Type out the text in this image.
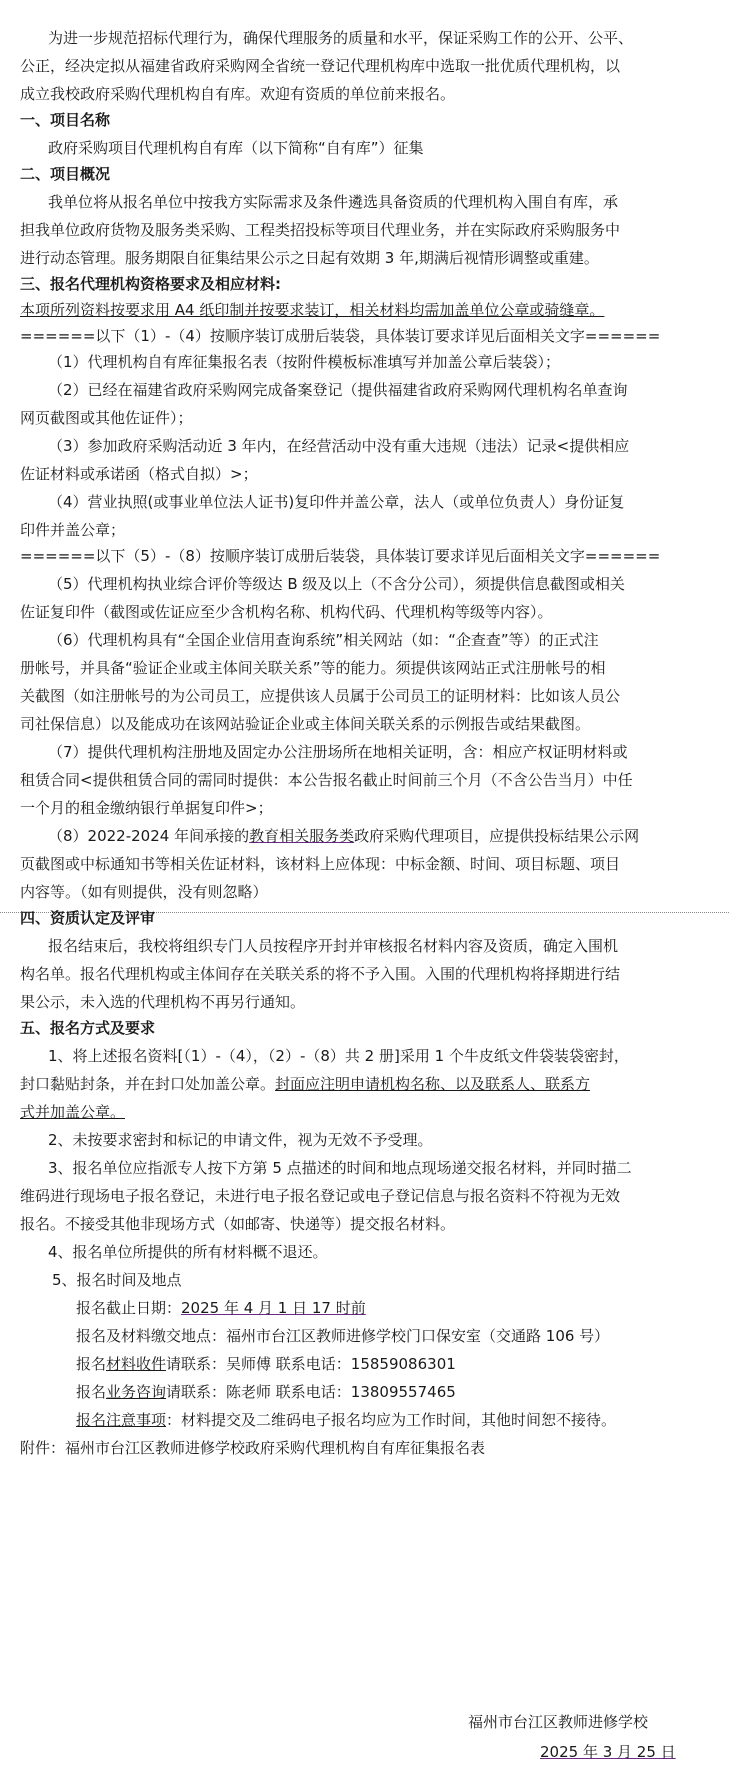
为进一步规范招标代理行为，确保代理服务的质量和水平，保证采购工作的公开、公平、
公正，经决定拟从福建省政府采购网全省统一登记代理机构库中选取一批优质代理机构，以
成立我校政府采购代理机构自有库。欢迎有资质的单位前来报名。
一、项目名称
政府采购项目代理机构自有库（以下简称“自有库”）征集
二、项目概况
我单位将从报名单位中按我方实际需求及条件遴选具备资质的代理机构入围自有库，承
担我单位政府货物及服务类采购、工程类招投标等项目代理业务，并在实际政府采购服务中
进行动态管理。服务期限自征集结果公示之日起有效期 3 年,期满后视情形调整或重建。
三、报名代理机构资格要求及相应材料:
本项所列资料按要求用 A4 纸印制并按要求装订，相关材料均需加盖单位公章或骑缝章。
======以下（1）-（4）按顺序装订成册后装袋，具体装订要求详见后面相关文字======
（1）代理机构自有库征集报名表（按附件模板标准填写并加盖公章后装袋）；
（2）已经在福建省政府采购网完成备案登记（提供福建省政府采购网代理机构名单查询
网页截图或其他佐证件）；
（3）参加政府采购活动近 3 年内，在经营活动中没有重大违规（违法）记录<提供相应
佐证材料或承诺函（格式自拟）>；
（4）营业执照(或事业单位法人证书)复印件并盖公章，法人（或单位负责人）身份证复
印件并盖公章；
======以下（5）-（8）按顺序装订成册后装袋，具体装订要求详见后面相关文字======
（5）代理机构执业综合评价等级达 B 级及以上（不含分公司），须提供信息截图或相关
佐证复印件（截图或佐证应至少含机构名称、机构代码、代理机构等级等内容）。
（6）代理机构具有“全国企业信用查询系统”相关网站（如：“企查查”等）的正式注
册帐号，并具备“验证企业或主体间关联关系”等的能力。须提供该网站正式注册帐号的相
关截图（如注册帐号的为公司员工，应提供该人员属于公司员工的证明材料：比如该人员公
司社保信息）以及能成功在该网站验证企业或主体间关联关系的示例报告或结果截图。
（7）提供代理机构注册地及固定办公注册场所在地相关证明，含：相应产权证明材料或
租赁合同<提供租赁合同的需同时提供：本公告报名截止时间前三个月（不含公告当月）中任
一个月的租金缴纳银行单据复印件>；
（8）2022-2024 年间承接的教育相关服务类政府采购代理项目，应提供投标结果公示网
页截图或中标通知书等相关佐证材料，该材料上应体现：中标金额、时间、项目标题、项目
内容等。（如有则提供，没有则忽略）
四、资质认定及评审
报名结束后，我校将组织专门人员按程序开封并审核报名材料内容及资质，确定入围机
构名单。报名代理机构或主体间存在关联关系的将不予入围。入围的代理机构将择期进行结
果公示，未入选的代理机构不再另行通知。
五、报名方式及要求
1、将上述报名资料[（1）-（4），（2）-（8）共 2 册]采用 1 个牛皮纸文件袋装袋密封，
封口黏贴封条，并在封口处加盖公章。封面应注明申请机构名称、以及联系人、联系方
式并加盖公章。
2、未按要求密封和标记的申请文件，视为无效不予受理。
3、报名单位应指派专人按下方第 5 点描述的时间和地点现场递交报名材料，并同时描二
维码进行现场电子报名登记，未进行电子报名登记或电子登记信息与报名资料不符视为无效
报名。不接受其他非现场方式（如邮寄、快递等）提交报名材料。
4、报名单位所提供的所有材料概不退还。
5、报名时间及地点
报名截止日期：2025 年 4 月 1 日 17 时前
报名及材料缴交地点：福州市台江区教师进修学校门口保安室（交通路 106 号）
报名材料收件请联系：吴师傅 联系电话：15859086301
报名业务咨询请联系：陈老师 联系电话：13809557465
报名注意事项：材料提交及二维码电子报名均应为工作时间，其他时间恕不接待。
附件：福州市台江区教师进修学校政府采购代理机构自有库征集报名表
福州市台江区教师进修学校
2025 年 3 月 25 日
